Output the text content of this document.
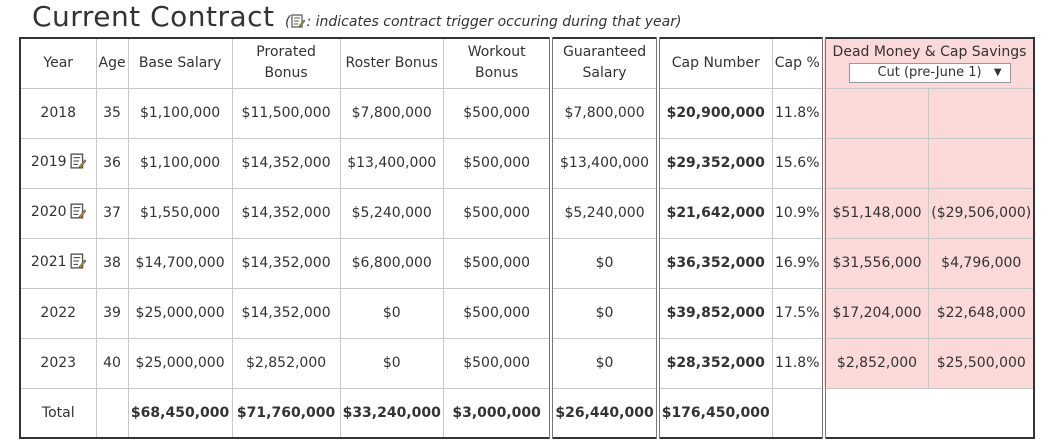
Current Contract ( : indicates contract trigger occuring during that year)
Year	Age	Base Salary	Prorated Bonus	Roster Bonus	Workout Bonus	Guaranteed Salary	Cap Number	Cap %	Dead Money & Cap Savings
Cut (pre-June 1) ▼	

2018	35	$1,100,000	$11,500,000	$7,800,000	$500,000	$7,800,000	$20,900,000	11.8%		
2019	36	$1,100,000	$14,352,000	$13,400,000	$500,000	$13,400,000	$29,352,000	15.6%		
2020	37	$1,550,000	$14,352,000	$5,240,000	$500,000	$5,240,000	$21,642,000	10.9%	$51,148,000	($29,506,000)
2021	38	$14,700,000	$14,352,000	$6,800,000	$500,000	$0	$36,352,000	16.9%	$31,556,000	$4,796,000
2022	39	$25,000,000	$14,352,000	$0	$500,000	$0	$39,852,000	17.5%	$17,204,000	$22,648,000
2023	40	$25,000,000	$2,852,000	$0	$500,000	$0	$28,352,000	11.8%	$2,852,000	$25,500,000
Total		$68,450,000	$71,760,000	$33,240,000	$3,000,000	$26,440,000	$176,450,000			
